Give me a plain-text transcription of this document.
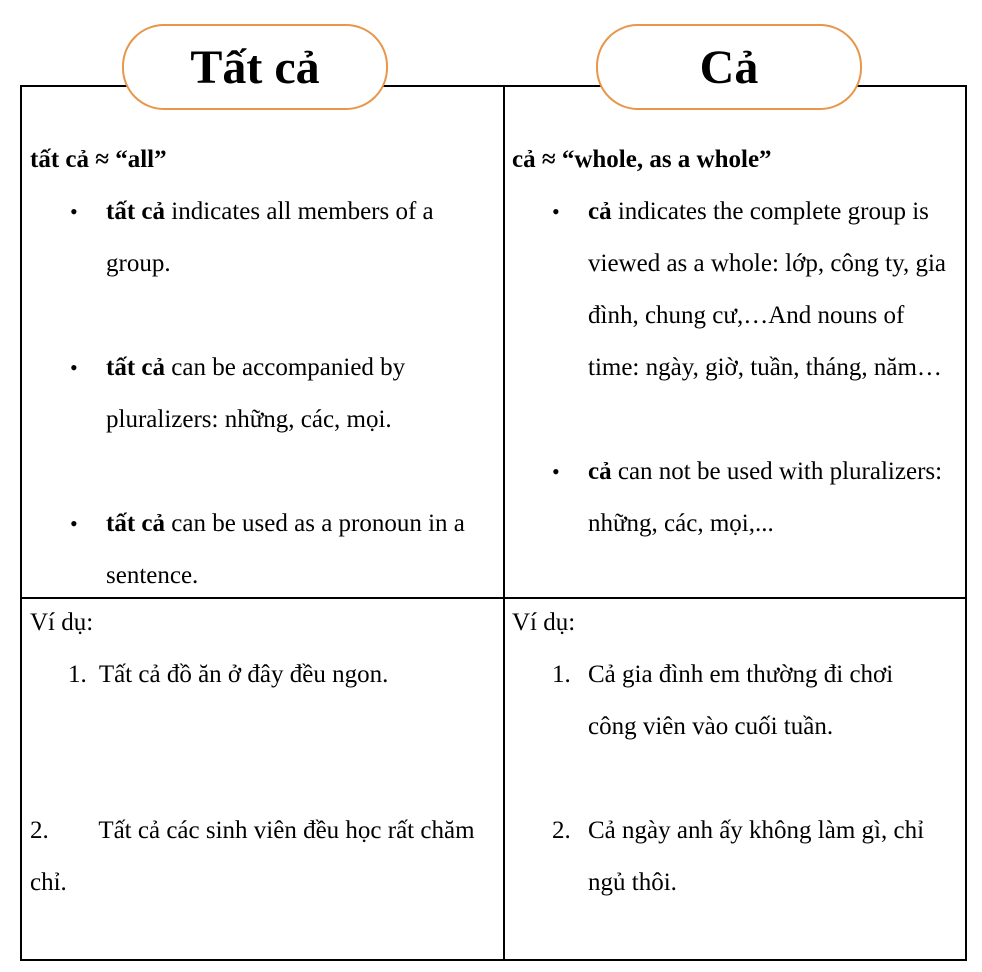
Tất cả	Cả
tất cả ≈ “all”
• tất cả indicates all members of a group.
• tất cả can be accompanied by pluralizers: những, các, mọi.
• tất cả can be used as a pronoun in a sentence.
cả ≈ “whole, as a whole”
• cả indicates the complete group is viewed as a whole: lớp, công ty, gia đình, chung cư,…And nouns of time: ngày, giờ, tuần, tháng, năm…
• cả can not be used with pluralizers: những, các, mọi,...
Ví dụ:
1. Tất cả đồ ăn ở đây đều ngon.
2. Tất cả các sinh viên đều học rất chăm chỉ.
Ví dụ:
1. Cả gia đình em thường đi chơi công viên vào cuối tuần.
2. Cả ngày anh ấy không làm gì, chỉ ngủ thôi.
